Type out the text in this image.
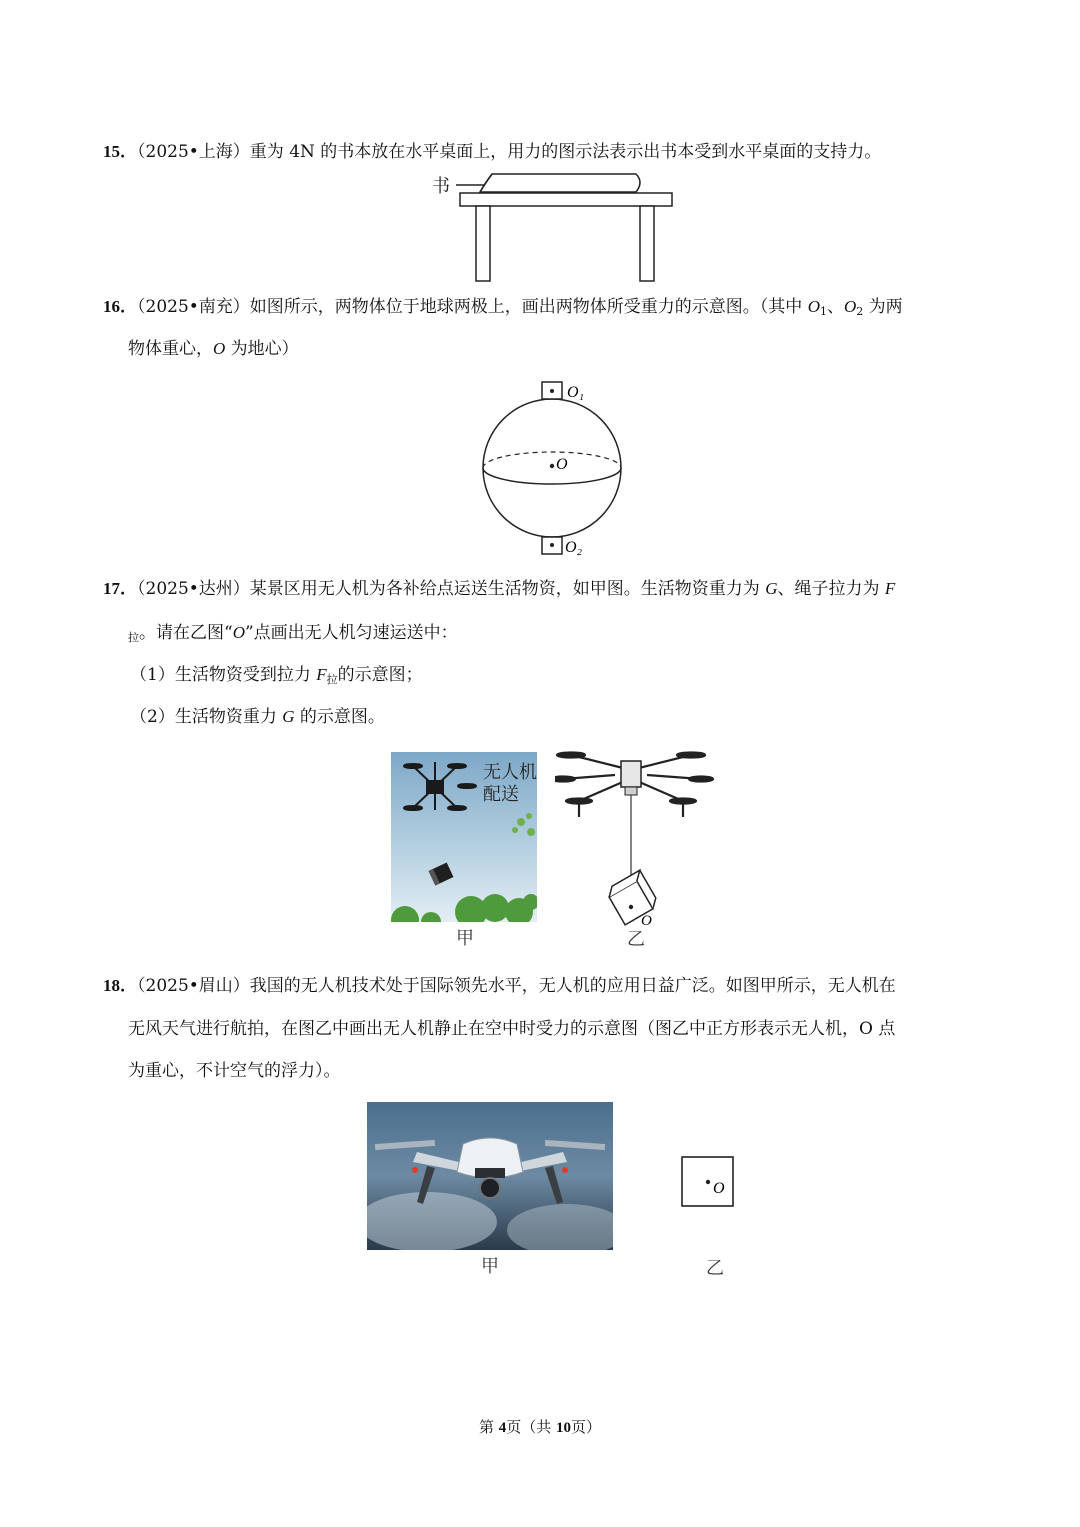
15．（2025•上海）重为 4N 的书本放在水平桌面上，用力的图示法表示出书本受到水平桌面的支持力。
书
16．（2025•南充）如图所示，两物体位于地球两极上，画出两物体所受重力的示意图。（其中 $O_1$、$O_2$ 为两
物体重心，O 为地心）
O
O₁
O₂
17．（2025•达州）某景区用无人机为各补给点运送生活物资，如甲图。生活物资重力为 G、绳子拉力为 F
$_拉$。请在乙图“O”点画出无人机匀速运送中：
（1）生活物资受到拉力 $F_拉$的示意图；
（2）生活物资重力 G 的示意图。
无人机
配送
甲
O
乙
18．（2025•眉山）我国的无人机技术处于国际领先水平，无人机的应用日益广泛。如图甲所示，无人机在
无风天气进行航拍，在图乙中画出无人机静止在空中时受力的示意图（图乙中正方形表示无人机，O 点
为重心，不计空气的浮力）。
甲
O
乙
第 4页（共 10页）
